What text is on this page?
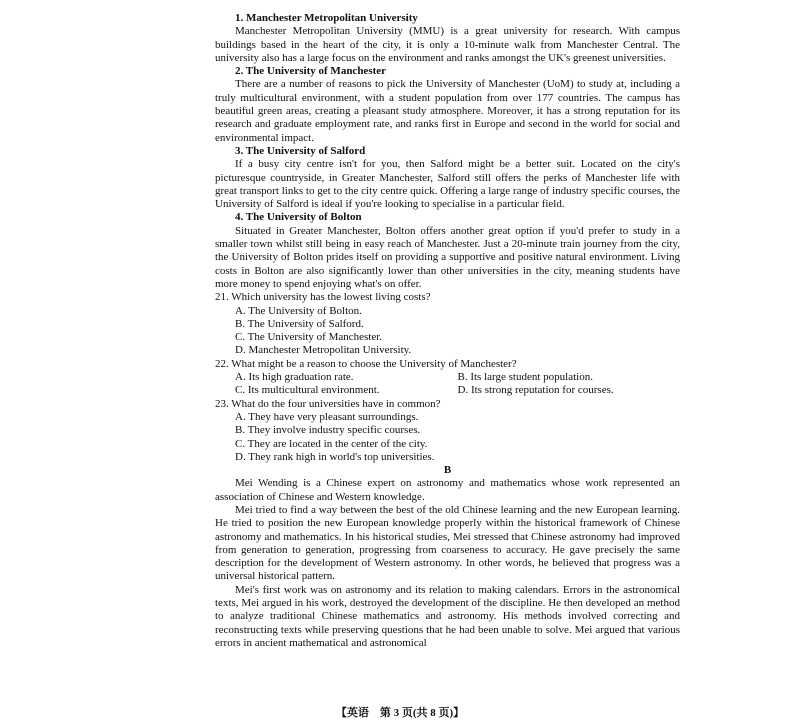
1. Manchester Metropolitan University
Manchester Metropolitan University (MMU) is a great university for research. With campus buildings based in the heart of the city, it is only a 10-minute walk from Manchester Central. The university also has a large focus on the environment and ranks amongst the UK's greenest universities.
2. The University of Manchester
There are a number of reasons to pick the University of Manchester (UoM) to study at, including a truly multicultural environment, with a student population from over 177 countries. The campus has beautiful green areas, creating a pleasant study atmosphere. Moreover, it has a strong reputation for its research and graduate employment rate, and ranks first in Europe and second in the world for social and environmental impact.
3. The University of Salford
If a busy city centre isn't for you, then Salford might be a better suit. Located on the city's picturesque countryside, in Greater Manchester, Salford still offers the perks of Manchester life with great transport links to get to the city centre quick. Offering a large range of industry specific courses, the University of Salford is ideal if you're looking to specialise in a particular field.
4. The University of Bolton
Situated in Greater Manchester, Bolton offers another great option if you'd prefer to study in a smaller town whilst still being in easy reach of Manchester. Just a 20-minute train journey from the city, the University of Bolton prides itself on providing a supportive and positive natural environment. Living costs in Bolton are also significantly lower than other universities in the city, meaning students have more money to spend enjoying what's on offer.
21. Which university has the lowest living costs?
A. The University of Bolton.
B. The University of Salford.
C. The University of Manchester.
D. Manchester Metropolitan University.
22. What might be a reason to choose the University of Manchester?
A. Its high graduation rate.	B. Its large student population.
C. Its multicultural environment.	D. Its strong reputation for courses.
23. What do the four universities have in common?
A. They have very pleasant surroundings.
B. They involve industry specific courses.
C. They are located in the center of the city.
D. They rank high in world's top universities.
B
Mei Wending is a Chinese expert on astronomy and mathematics whose work represented an association of Chinese and Western knowledge.
Mei tried to find a way between the best of the old Chinese learning and the new European learning. He tried to position the new European knowledge properly within the historical framework of Chinese astronomy and mathematics. In his historical studies, Mei stressed that Chinese astronomy had improved from generation to generation, progressing from coarseness to accuracy. He gave precisely the same description for the development of Western astronomy. In other words, he believed that progress was a universal historical pattern.
Mei's first work was on astronomy and its relation to making calendars. Errors in the astronomical texts, Mei argued in his work, destroyed the development of the discipline. He then developed an method to analyze traditional Chinese mathematics and astronomy. His methods involved correcting and reconstructing texts while preserving questions that he had been unable to solve. Mei argued that various errors in ancient mathematical and astronomical
【英语　第 3 页(共 8 页)】
